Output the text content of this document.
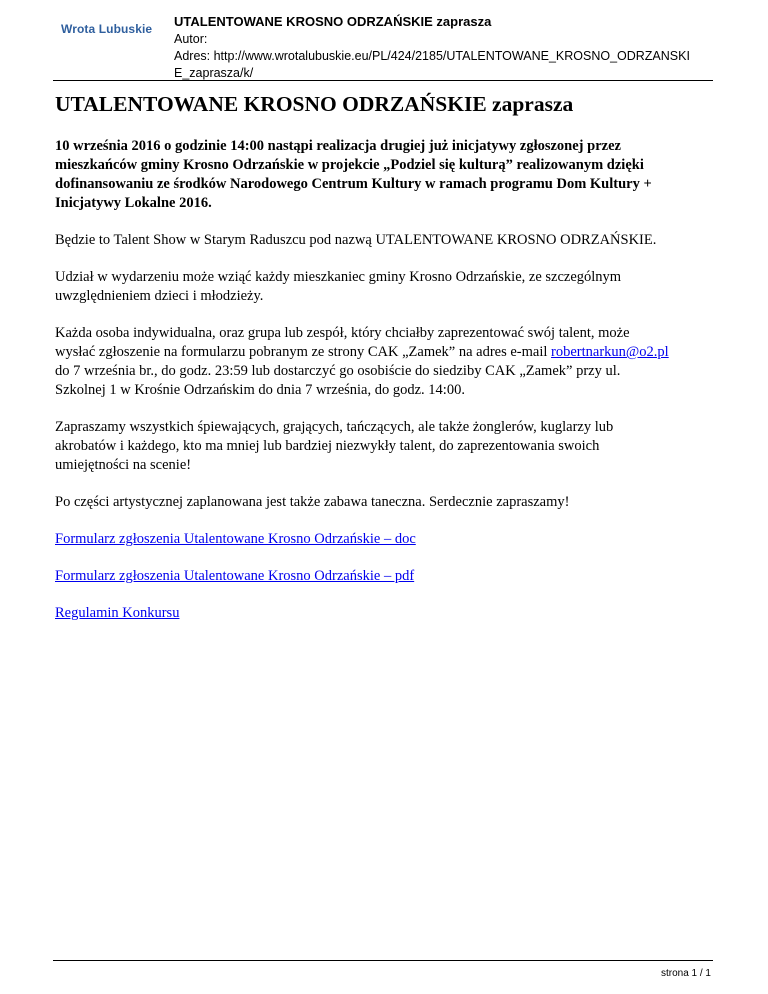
Wrota Lubuskie UTALENTOWANE KROSNO ODRZAŃSKIE zaprasza
Autor:
Adres: http://www.wrotalubuskie.eu/PL/424/2185/UTALENTOWANE_KROSNO_ODRZANSKI
E_zaprasza/k/
UTALENTOWANE KROSNO ODRZAŃSKIE zaprasza

10 września 2016 o godzinie 14:00 nastąpi realizacja drugiej już inicjatywy zgłoszonej przez
mieszkańców gminy Krosno Odrzańskie w projekcie „Podziel się kulturą” realizowanym dzięki
dofinansowaniu ze środków Narodowego Centrum Kultury w ramach programu Dom Kultury +
Inicjatywy Lokalne 2016.

Będzie to Talent Show w Starym Raduszcu pod nazwą UTALENTOWANE KROSNO ODRZAŃSKIE.

Udział w wydarzeniu może wziąć każdy mieszkaniec gminy Krosno Odrzańskie, ze szczególnym
uwzględnieniem dzieci i młodzieży.

Każda osoba indywidualna, oraz grupa lub zespół, który chciałby zaprezentować swój talent, może
wysłać zgłoszenie na formularzu pobranym ze strony CAK „Zamek” na adres e-mail robertnarkun@o2.pl
do 7 września br., do godz. 23:59 lub dostarczyć go osobiście do siedziby CAK „Zamek” przy ul.
Szkolnej 1 w Krośnie Odrzańskim do dnia 7 września, do godz. 14:00.

Zapraszamy wszystkich śpiewających, grających, tańczących, ale także żonglerów, kuglarzy lub
akrobatów i każdego, kto ma mniej lub bardziej niezwykły talent, do zaprezentowania swoich
umiejętności na scenie!

Po części artystycznej zaplanowana jest także zabawa taneczna. Serdecznie zapraszamy!

Formularz zgłoszenia Utalentowane Krosno Odrzańskie – doc

Formularz zgłoszenia Utalentowane Krosno Odrzańskie – pdf

Regulamin Konkursu

strona 1 / 1
